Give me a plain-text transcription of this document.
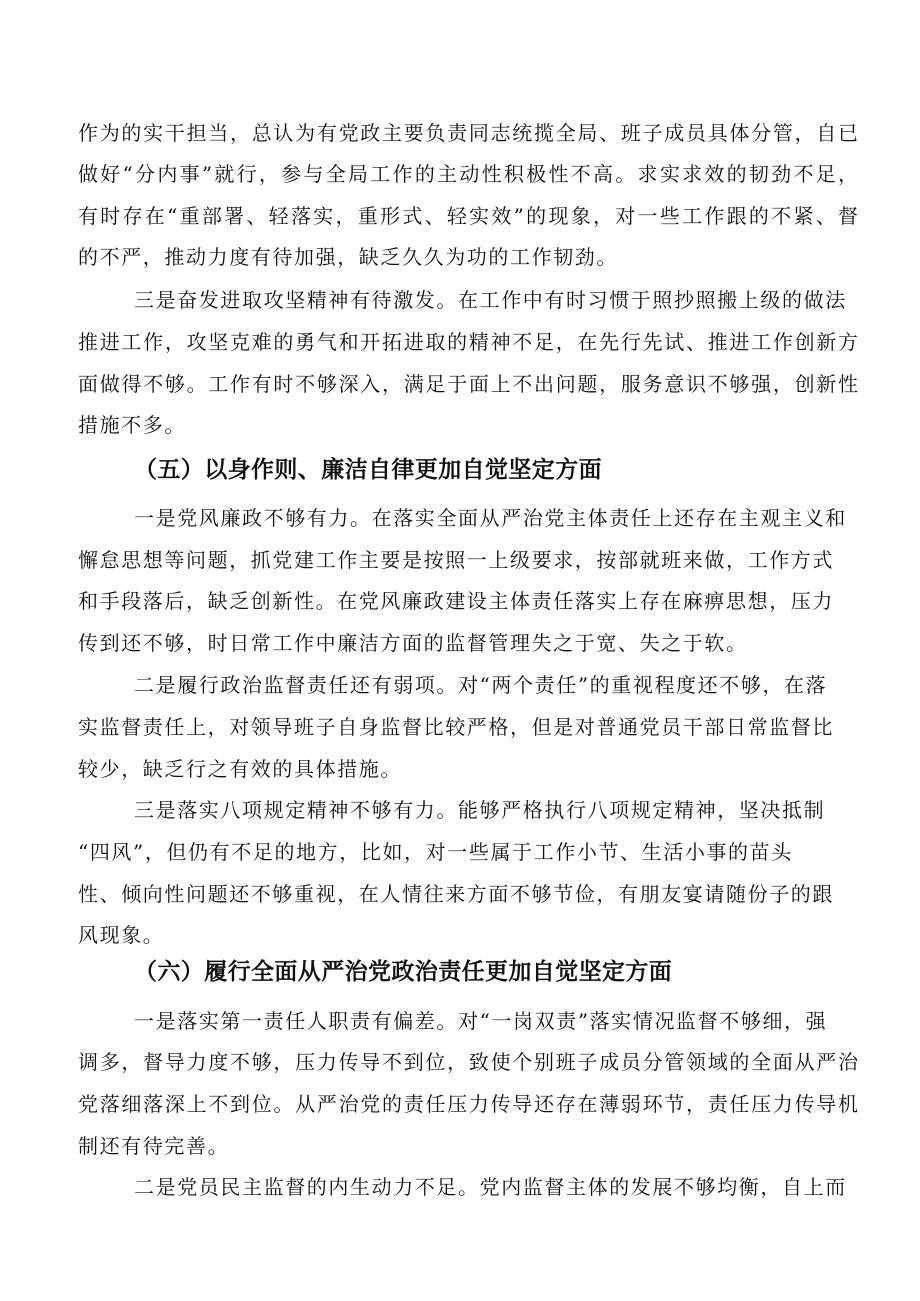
作为的实干担当，总认为有党政主要负责同志统揽全局、班子成员具体分管，自已
做好“分内事”就行，参与全局工作的主动性积极性不高。求实求效的韧劲不足，
有时存在“重部署、轻落实，重形式、轻实效”的现象，对一些工作跟的不紧、督
的不严，推动力度有待加强，缺乏久久为功的工作韧劲。
三是奋发进取攻坚精神有待激发。在工作中有时习惯于照抄照搬上级的做法
推进工作，攻坚克难的勇气和开拓进取的精神不足，在先行先试、推进工作创新方
面做得不够。工作有时不够深入，满足于面上不出问题，服务意识不够强，创新性
措施不多。
（五）以身作则、廉洁自律更加自觉坚定方面
一是党风廉政不够有力。在落实全面从严治党主体责任上还存在主观主义和
懈怠思想等问题，抓党建工作主要是按照一上级要求，按部就班来做，工作方式
和手段落后，缺乏创新性。在党风廉政建设主体责任落实上存在麻痹思想，压力
传到还不够，时日常工作中廉洁方面的监督管理失之于宽、失之于软。
二是履行政治监督责任还有弱项。对“两个责任”的重视程度还不够，在落
实监督责任上，对领导班子自身监督比较严格，但是对普通党员干部日常监督比
较少，缺乏行之有效的具体措施。
三是落实八项规定精神不够有力。能够严格执行八项规定精神，坚决抵制
“四风”，但仍有不足的地方，比如，对一些属于工作小节、生活小事的苗头
性、倾向性问题还不够重视，在人情往来方面不够节俭，有朋友宴请随份子的跟
风现象。
（六）履行全面从严治党政治责任更加自觉坚定方面
一是落实第一责任人职责有偏差。对“一岗双责”落实情况监督不够细，强
调多，督导力度不够，压力传导不到位，致使个别班子成员分管领域的全面从严治
党落细落深上不到位。从严治党的责任压力传导还存在薄弱环节，责任压力传导机
制还有待完善。
二是党员民主监督的内生动力不足。党内监督主体的发展不够均衡，自上而
